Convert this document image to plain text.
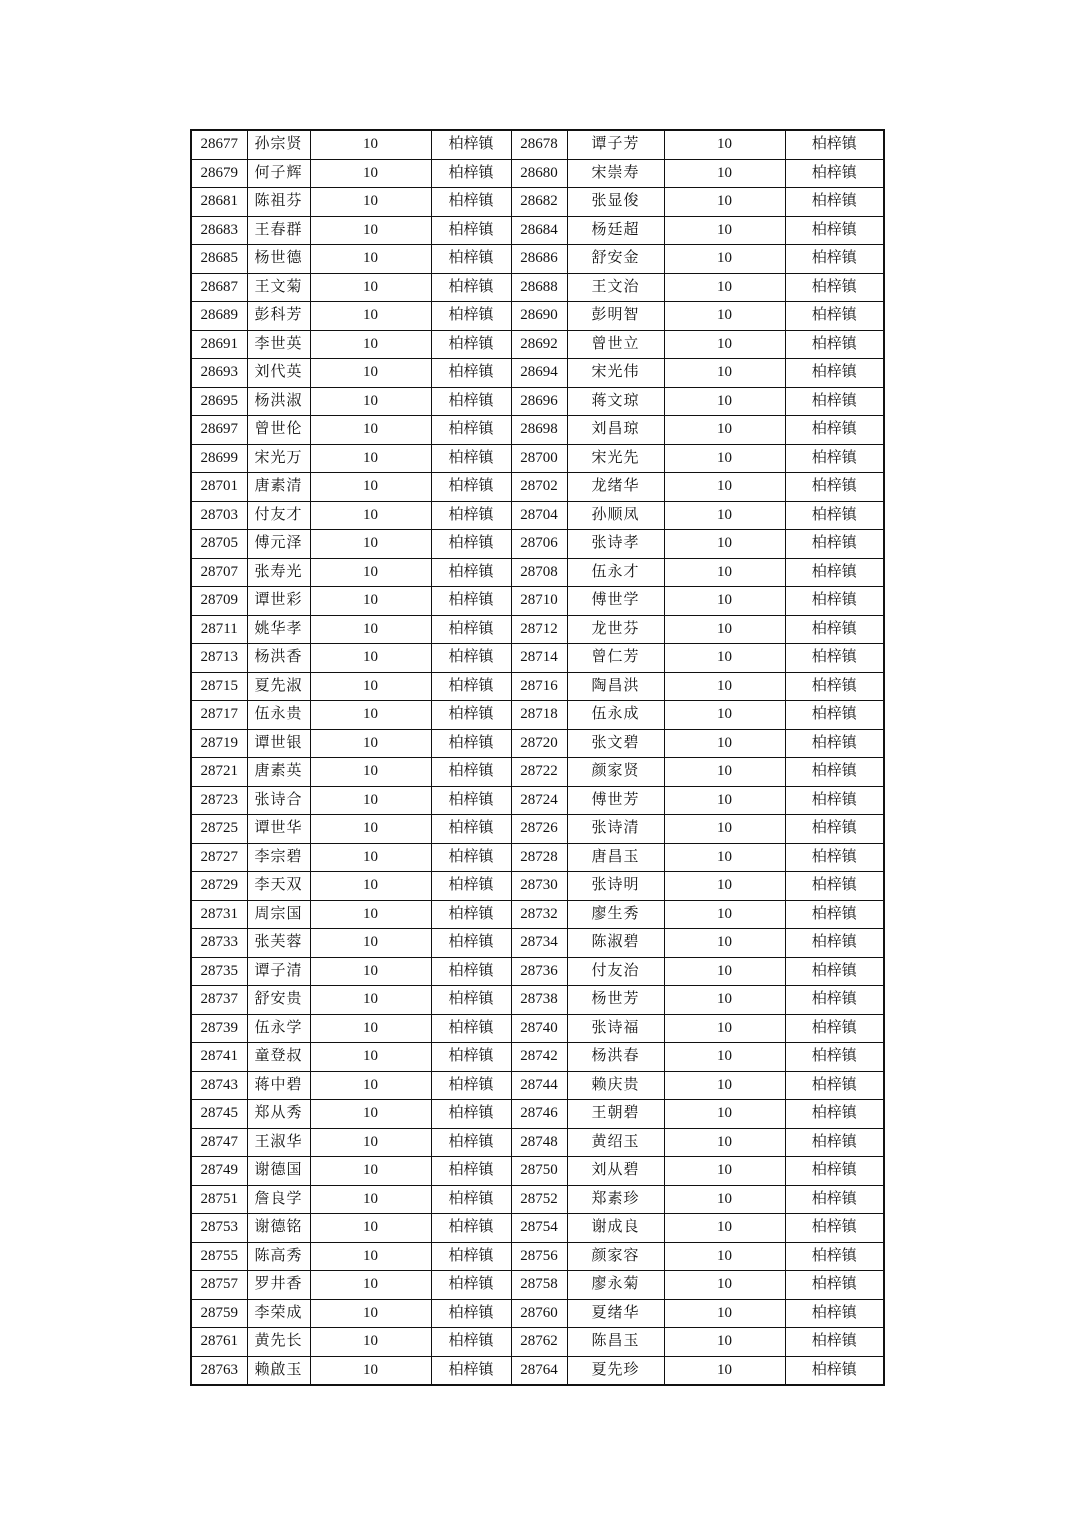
28677	孙宗贤	10	柏梓镇	28678	谭子芳	10	柏梓镇
28679	何子辉	10	柏梓镇	28680	宋崇寿	10	柏梓镇
28681	陈祖芬	10	柏梓镇	28682	张显俊	10	柏梓镇
28683	王春群	10	柏梓镇	28684	杨廷超	10	柏梓镇
28685	杨世德	10	柏梓镇	28686	舒安金	10	柏梓镇
28687	王文菊	10	柏梓镇	28688	王文治	10	柏梓镇
28689	彭科芳	10	柏梓镇	28690	彭明智	10	柏梓镇
28691	李世英	10	柏梓镇	28692	曾世立	10	柏梓镇
28693	刘代英	10	柏梓镇	28694	宋光伟	10	柏梓镇
28695	杨洪淑	10	柏梓镇	28696	蒋文琼	10	柏梓镇
28697	曾世伦	10	柏梓镇	28698	刘昌琼	10	柏梓镇
28699	宋光万	10	柏梓镇	28700	宋光先	10	柏梓镇
28701	唐素清	10	柏梓镇	28702	龙绪华	10	柏梓镇
28703	付友才	10	柏梓镇	28704	孙顺凤	10	柏梓镇
28705	傅元泽	10	柏梓镇	28706	张诗孝	10	柏梓镇
28707	张寿光	10	柏梓镇	28708	伍永才	10	柏梓镇
28709	谭世彩	10	柏梓镇	28710	傅世学	10	柏梓镇
28711	姚华孝	10	柏梓镇	28712	龙世芬	10	柏梓镇
28713	杨洪香	10	柏梓镇	28714	曾仁芳	10	柏梓镇
28715	夏先淑	10	柏梓镇	28716	陶昌洪	10	柏梓镇
28717	伍永贵	10	柏梓镇	28718	伍永成	10	柏梓镇
28719	谭世银	10	柏梓镇	28720	张文碧	10	柏梓镇
28721	唐素英	10	柏梓镇	28722	颜家贤	10	柏梓镇
28723	张诗合	10	柏梓镇	28724	傅世芳	10	柏梓镇
28725	谭世华	10	柏梓镇	28726	张诗清	10	柏梓镇
28727	李宗碧	10	柏梓镇	28728	唐昌玉	10	柏梓镇
28729	李天双	10	柏梓镇	28730	张诗明	10	柏梓镇
28731	周宗国	10	柏梓镇	28732	廖生秀	10	柏梓镇
28733	张芙蓉	10	柏梓镇	28734	陈淑碧	10	柏梓镇
28735	谭子清	10	柏梓镇	28736	付友治	10	柏梓镇
28737	舒安贵	10	柏梓镇	28738	杨世芳	10	柏梓镇
28739	伍永学	10	柏梓镇	28740	张诗福	10	柏梓镇
28741	童登叔	10	柏梓镇	28742	杨洪春	10	柏梓镇
28743	蒋中碧	10	柏梓镇	28744	赖庆贵	10	柏梓镇
28745	郑从秀	10	柏梓镇	28746	王朝碧	10	柏梓镇
28747	王淑华	10	柏梓镇	28748	黄绍玉	10	柏梓镇
28749	谢德国	10	柏梓镇	28750	刘从碧	10	柏梓镇
28751	詹良学	10	柏梓镇	28752	郑素珍	10	柏梓镇
28753	谢德铭	10	柏梓镇	28754	谢成良	10	柏梓镇
28755	陈高秀	10	柏梓镇	28756	颜家容	10	柏梓镇
28757	罗井香	10	柏梓镇	28758	廖永菊	10	柏梓镇
28759	李荣成	10	柏梓镇	28760	夏绪华	10	柏梓镇
28761	黄先长	10	柏梓镇	28762	陈昌玉	10	柏梓镇
28763	赖啟玉	10	柏梓镇	28764	夏先珍	10	柏梓镇
